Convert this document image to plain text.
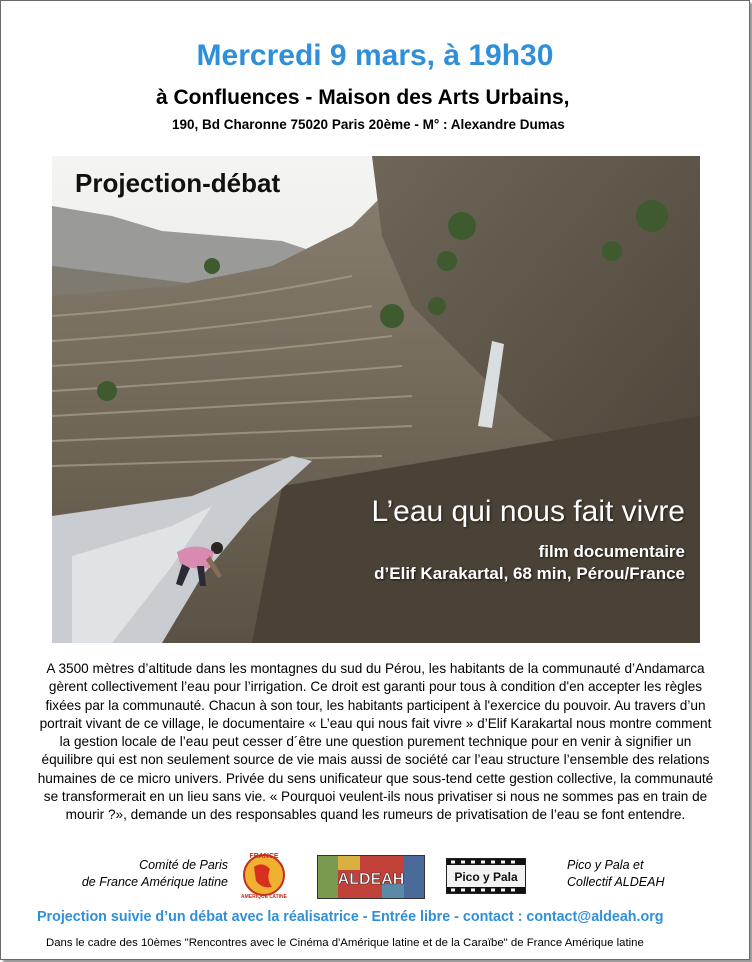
Mercredi 9 mars, à 19h30
à Confluences - Maison des Arts Urbains,
190, Bd Charonne 75020 Paris 20ème - M° : Alexandre Dumas
Projection-débat
L’eau qui nous fait vivre
film documentaire
d’Elif Karakartal, 68 min, Pérou/France
A 3500 mètres d’altitude dans les montagnes du sud du Pérou, les habitants de la communauté d’Andamarca gèrent collectivement l’eau pour l’irrigation. Ce droit est garanti pour tous à condition d'en accepter les règles fixées par la communauté. Chacun à son tour, les habitants participent à l'exercice du pouvoir. Au travers d’un portrait vivant de ce village, le documentaire « L’eau qui nous fait vivre » d’Elif Karakartal nous montre comment la gestion locale de l’eau peut cesser d´être une question purement technique pour en venir à signifier un équilibre qui est non seulement source de vie mais aussi de société car l’eau structure l’ensemble des relations humaines de ce micro univers. Privée du sens unificateur que sous-tend cette gestion collective, la communauté se transformerait en un lieu sans vie. « Pourquoi veulent-ils nous privatiser si nous ne sommes pas en train de mourir ?», demande un des responsables quand les rumeurs de privatisation de l’eau se font entendre.
Comité de Paris
de France Amérique latine
FRANCE
AMERIQUE LATINE
ALDEAH	Pico y Pala
Pico y Pala et
Collectif ALDEAH
Projection suivie d’un débat avec la réalisatrice - Entrée libre - contact : contact@aldeah.org
Dans le cadre des 10èmes "Rencontres avec le Cinéma d'Amérique latine et de la Caraïbe" de France Amérique latine
